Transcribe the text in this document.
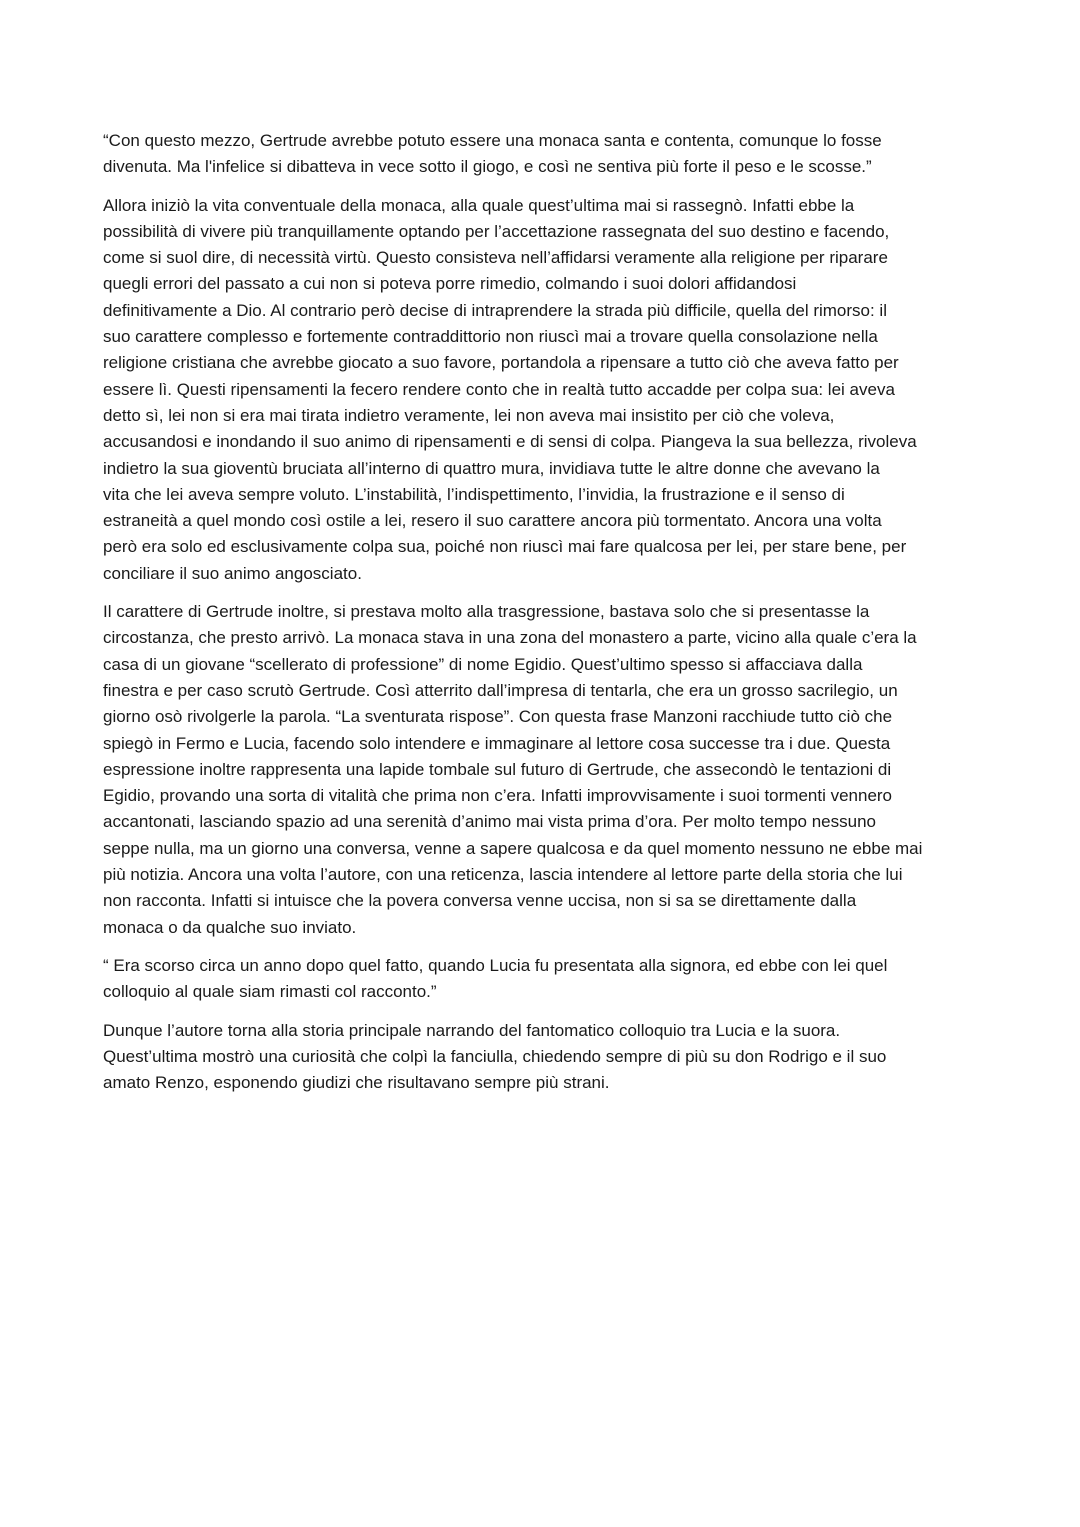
“Con questo mezzo, Gertrude avrebbe potuto essere una monaca santa e contenta, comunque lo fosse
divenuta. Ma l'infelice si dibatteva in vece sotto il giogo, e così ne sentiva più forte il peso e le scosse.”

Allora iniziò la vita conventuale della monaca, alla quale quest’ultima mai si rassegnò. Infatti ebbe la
possibilità di vivere più tranquillamente optando per l’accettazione rassegnata del suo destino e facendo,
come si suol dire, di necessità virtù. Questo consisteva nell’affidarsi veramente alla religione per riparare
quegli errori del passato a cui non si poteva porre rimedio, colmando i suoi dolori affidandosi
definitivamente a Dio. Al contrario però decise di intraprendere la strada più difficile, quella del rimorso: il
suo carattere complesso e fortemente contraddittorio non riuscì mai a trovare quella consolazione nella
religione cristiana che avrebbe giocato a suo favore, portandola a ripensare a tutto ciò che aveva fatto per
essere lì. Questi ripensamenti la fecero rendere conto che in realtà tutto accadde per colpa sua: lei aveva
detto sì, lei non si era mai tirata indietro veramente, lei non aveva mai insistito per ciò che voleva,
accusandosi e inondando il suo animo di ripensamenti e di sensi di colpa. Piangeva la sua bellezza, rivoleva
indietro la sua gioventù bruciata all’interno di quattro mura, invidiava tutte le altre donne che avevano la
vita che lei aveva sempre voluto. L’instabilità, l’indispettimento, l’invidia, la frustrazione e il senso di
estraneità a quel mondo così ostile a lei, resero il suo carattere ancora più tormentato. Ancora una volta
però era solo ed esclusivamente colpa sua, poiché non riuscì mai fare qualcosa per lei, per stare bene, per
conciliare il suo animo angosciato.

Il carattere di Gertrude inoltre, si prestava molto alla trasgressione, bastava solo che si presentasse la
circostanza, che presto arrivò. La monaca stava in una zona del monastero a parte, vicino alla quale c’era la
casa di un giovane “scellerato di professione” di nome Egidio. Quest’ultimo spesso si affacciava dalla
finestra e per caso scrutò Gertrude. Così atterrito dall’impresa di tentarla, che era un grosso sacrilegio, un
giorno osò rivolgerle la parola. “La sventurata rispose”. Con questa frase Manzoni racchiude tutto ciò che
spiegò in Fermo e Lucia, facendo solo intendere e immaginare al lettore cosa successe tra i due. Questa
espressione inoltre rappresenta una lapide tombale sul futuro di Gertrude, che assecondò le tentazioni di
Egidio, provando una sorta di vitalità che prima non c’era. Infatti improvvisamente i suoi tormenti vennero
accantonati, lasciando spazio ad una serenità d’animo mai vista prima d’ora. Per molto tempo nessuno
seppe nulla, ma un giorno una conversa, venne a sapere qualcosa e da quel momento nessuno ne ebbe mai
più notizia. Ancora una volta l’autore, con una reticenza, lascia intendere al lettore parte della storia che lui
non racconta. Infatti si intuisce che la povera conversa venne uccisa, non si sa se direttamente dalla
monaca o da qualche suo inviato.

“ Era scorso circa un anno dopo quel fatto, quando Lucia fu presentata alla signora, ed ebbe con lei quel
colloquio al quale siam rimasti col racconto.”

Dunque l’autore torna alla storia principale narrando del fantomatico colloquio tra Lucia e la suora.
Quest’ultima mostrò una curiosità che colpì la fanciulla, chiedendo sempre di più su don Rodrigo e il suo
amato Renzo, esponendo giudizi che risultavano sempre più strani.
